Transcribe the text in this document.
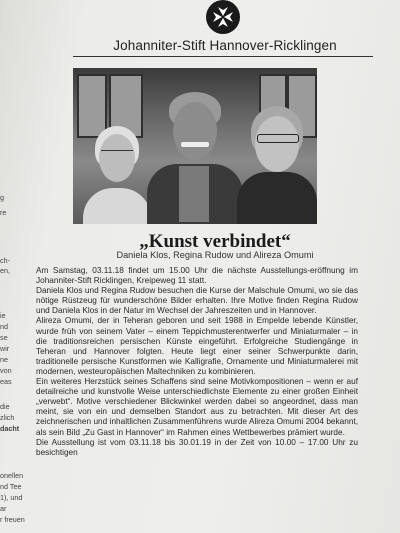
g
re
ch-
en,
ie
nd
se
wir
ne
von
eas
die
zlich
dacht
onellen
nd Tee
1), und
ar
r freuen
Johanniter-Stift Hannover-Ricklingen
„Kunst verbindet“
Daniela Klos, Regina Rudow und Alireza Omumi

Am Samstag, 03.11.18 findet um 15.00 Uhr die nächste Ausstellungs-eröffnung im Johanniter-Stift Ricklingen, Kreipeweg 11 statt.

Daniela Klos und Regina Rudow besuchen die Kurse der Malschule Omumi, wo sie das nötige Rüstzeug für wunderschöne Bilder erhalten. Ihre Motive finden Regina Rudow und Daniela Klos in der Natur im Wechsel der Jahreszeiten und in Hannover.

Alireza Omumi, der in Teheran geboren und seit 1988 in Empelde lebende Künstler, wurde früh von seinem Vater – einem Teppichmusterentwerfer und Miniaturmaler – in die traditionsreichen persischen Künste eingeführt. Erfolgreiche Studiengänge in Teheran und Hannover folgten. Heute liegt einer seiner Schwerpunkte darin, traditionelle persische Kunstformen wie Kalligrafie, Ornamente und Miniaturmalerei mit modernen, westeuropäischen Maltechniken zu kombinieren.

Ein weiteres Herzstück seines Schaffens sind seine Motivkompositionen – wenn er auf detailreiche und kunstvolle Weise unterschiedlichste Elemente zu einer großen Einheit „verwebt“. Motive verschiedener Blickwinkel werden dabei so angeordnet, dass man meint, sie von ein und demselben Standort aus zu betrachten. Mit dieser Art des zeichnerischen und inhaltlichen Zusammenführens wurde Alireza Omumi 2004 bekannt, als sein Bild „Zu Gast in Hannover“ im Rahmen eines Wettbewerbes prämiert wurde.

Die Ausstellung ist vom 03.11.18 bis 30.01.19 in der Zeit von 10.00 – 17.00 Uhr zu besichtigen
